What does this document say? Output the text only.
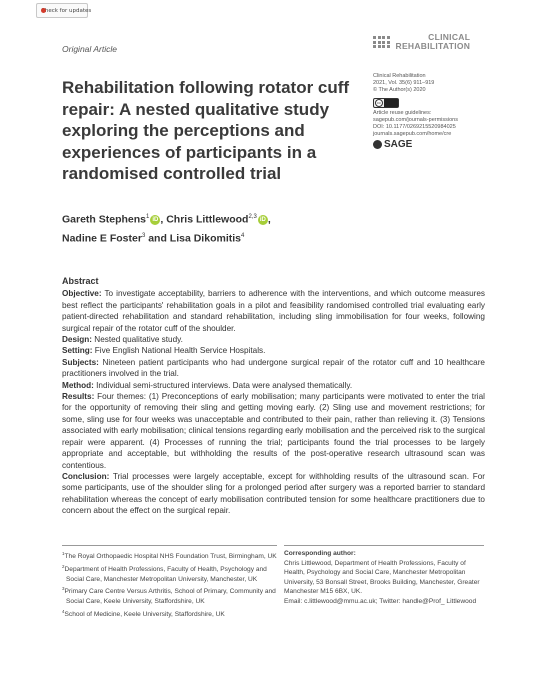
Check for updates
Original Article
CLINICAL
REHABILITATION
Rehabilitation following rotator cuff repair: A nested qualitative study exploring the perceptions and experiences of participants in a randomised controlled trial
Clinical Rehabilitation
2021, Vol. 35(6) 911–919
© The Author(s) 2020
cc
Article reuse guidelines:
sagepub.com/journals-permissions
DOI: 10.1177/0269215520984025
journals.sagepub.com/home/cre
SAGE
Gareth Stephens$^1$ iD , Chris Littlewood$^{2,3}$ iD ,
Nadine E Foster$^3$ and Lisa Dikomitis$^4$
Abstract

Objective: To investigate acceptability, barriers to adherence with the interventions, and which outcome measures best reflect the participants' rehabilitation goals in a pilot and feasibility randomised controlled trial evaluating early patient-directed rehabilitation and standard rehabilitation, including sling immobilisation for four weeks, following surgical repair of the rotator cuff of the shoulder.

Design: Nested qualitative study.

Setting: Five English National Health Service Hospitals.

Subjects: Nineteen patient participants who had undergone surgical repair of the rotator cuff and 10 healthcare practitioners involved in the trial.

Method: Individual semi-structured interviews. Data were analysed thematically.

Results: Four themes: (1) Preconceptions of early mobilisation; many participants were motivated to enter the trial for the opportunity of removing their sling and getting moving early. (2) Sling use and movement restrictions; for some, sling use for four weeks was unacceptable and contributed to their pain, rather than relieving it. (3) Tensions associated with early mobilisation; clinical tensions regarding early mobilisation and the perceived risk to the surgical repair were apparent. (4) Processes of running the trial; participants found the trial processes to be largely appropriate and acceptable, but withholding the results of the post-operative research ultrasound scan was contentious.

Conclusion: Trial processes were largely acceptable, except for withholding results of the ultrasound scan. For some participants, use of the shoulder sling for a prolonged period after surgery was a reported barrier to standard rehabilitation whereas the concept of early mobilisation contributed tension for some healthcare practitioners due to concern about the effect on the surgical repair.

$^1$The Royal Orthopaedic Hospital NHS Foundation Trust, Birmingham, UK
$^2$Department of Health Professions, Faculty of Health, Psychology and Social Care, Manchester Metropolitan University, Manchester, UK
$^3$Primary Care Centre Versus Arthritis, School of Primary, Community and Social Care, Keele University, Staffordshire, UK
$^4$School of Medicine, Keele University, Staffordshire, UK
Corresponding author:
Chris Littlewood, Department of Health Professions, Faculty of Health, Psychology and Social Care, Manchester Metropolitan University, 53 Bonsall Street, Brooks Building, Manchester, Greater Manchester M15 6BX, UK.
Email: c.littlewood@mmu.ac.uk; Twitter: handle@Prof_ Littlewood
